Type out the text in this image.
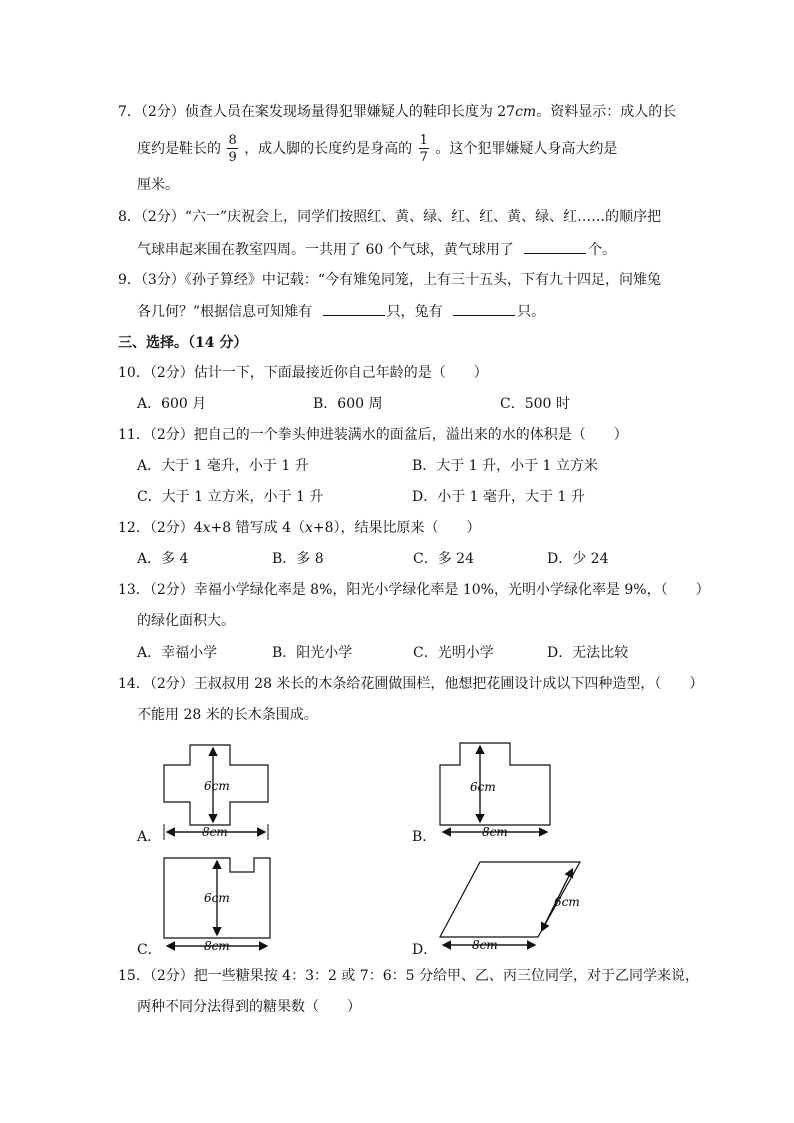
7．（2分）侦查人员在案发现场量得犯罪嫌疑人的鞋印长度为 27cm。资料显示：成人的长
度约是鞋长的 $\frac{8}{9}$ ，成人脚的长度约是身高的 $\frac{1}{7}$ 。这个犯罪嫌疑人身高大约是
厘米。
8．（2分）“六一”庆祝会上，同学们按照红、黄、绿、红、红、黄、绿、红……的顺序把
气球串起来围在教室四周。一共用了 60 个气球，黄气球用了	个。
9．（3分）《孙子算经》中记载：“今有雉兔同笼，上有三十五头，下有九十四足，问雉兔
各几何？”根据信息可知雉有	只，兔有	只。
三、选择。（14 分）
10．（2分）估计一下，下面最接近你自己年龄的是（　　）
A．600 月	B．600 周	C．500 时
11．（2分）把自己的一个拳头伸进装满水的面盆后，溢出来的水的体积是（　　）
A．大于 1 毫升，小于 1 升	B．大于 1 升，小于 1 立方米
C．大于 1 立方米，小于 1 升	D．小于 1 毫升，大于 1 升
12．（2分）4x+8 错写成 4（x+8），结果比原来（　　）
A．多 4	B．多 8	C．多 24	D．少 24
13．（2分）幸福小学绿化率是 8%，阳光小学绿化率是 10%，光明小学绿化率是 9%，（　　）
的绿化面积大。
A．幸福小学	B．阳光小学	C．光明小学	D．无法比较
14．（2分）王叔叔用 28 米长的木条给花圃做围栏，他想把花圃设计成以下四种造型，（　　）
不能用 28 米的长木条围成。
6cm
8cm
A．
6cm
8cm
B．
6cm
8cm
C．
6cm
8cm
D．
15．（2分）把一些糖果按 4：3：2 或 7：6：5 分给甲、乙、丙三位同学，对于乙同学来说，
两种不同分法得到的糖果数（　　）
